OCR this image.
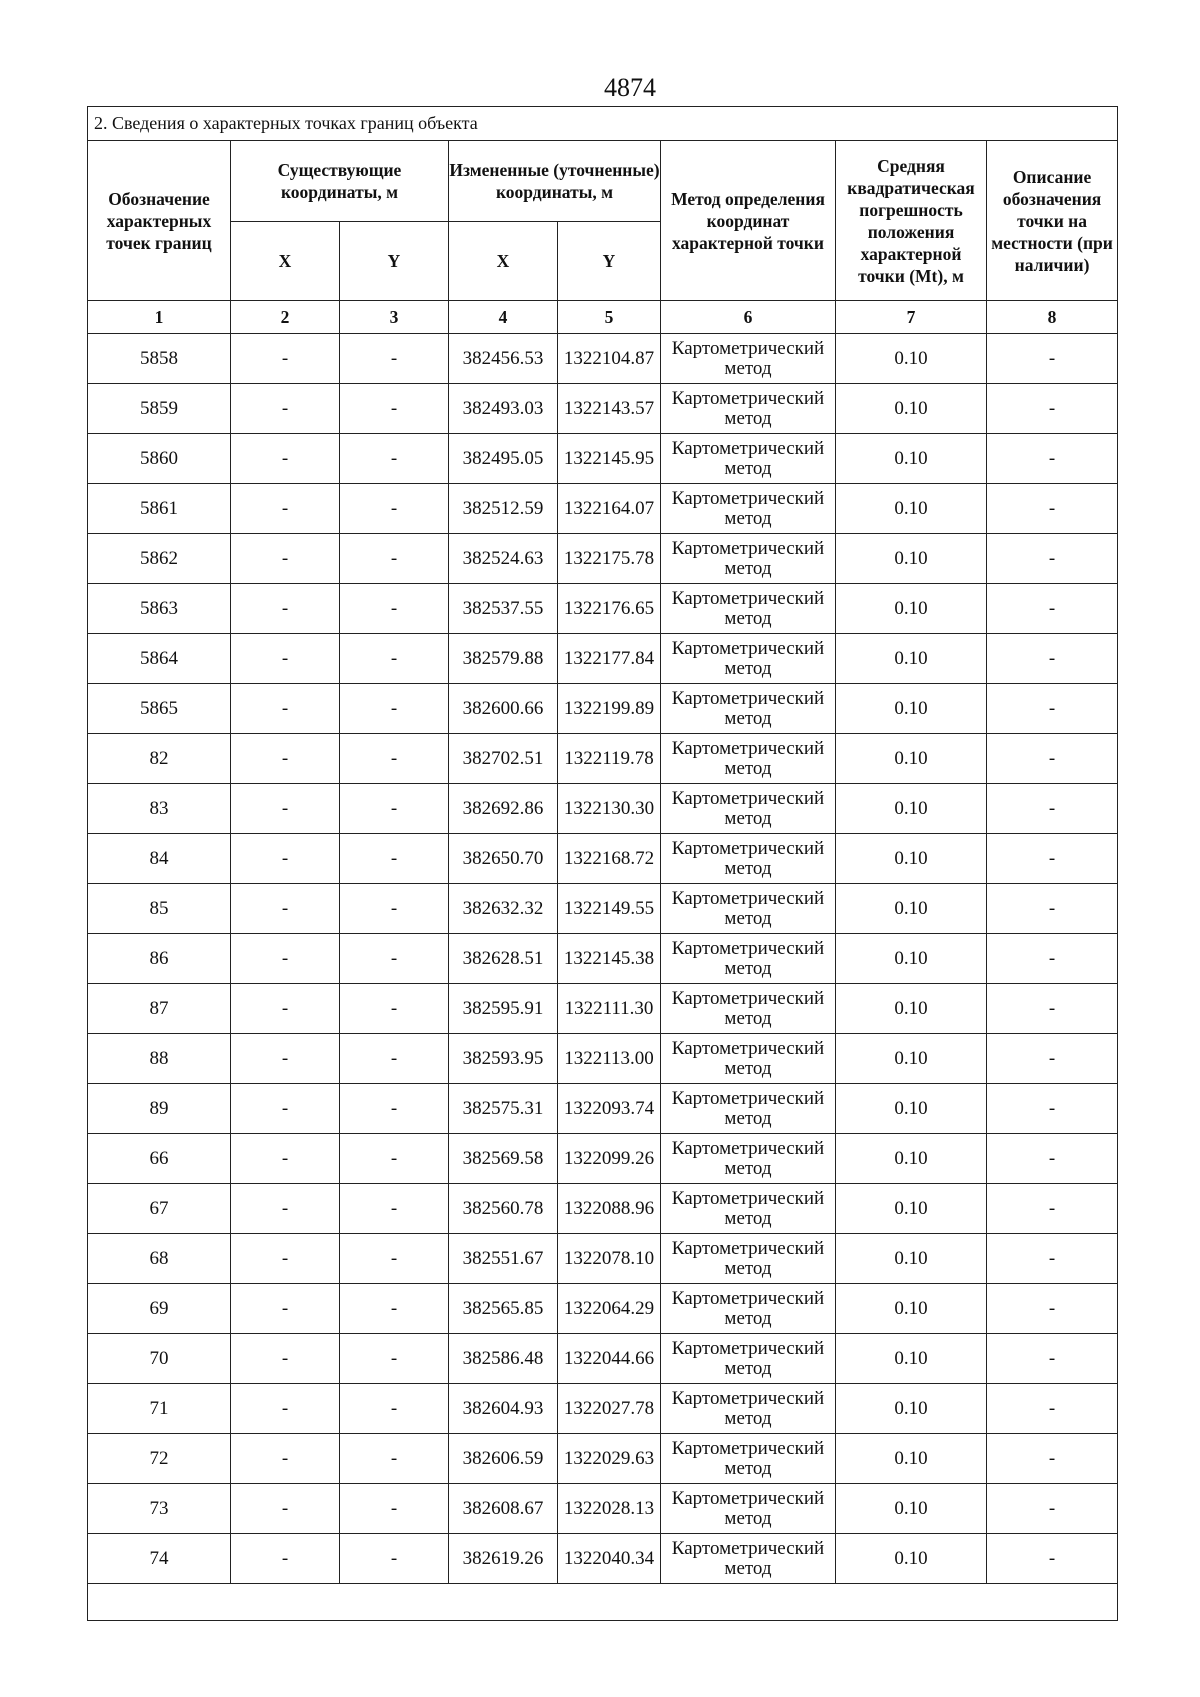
4874
2. Сведения о характерных точках границ объекта							
Обозначение характерных точек границ	Существующие координаты, м		Измененные (уточненные) координаты, м		Метод определения координат характерной точки	Средняя квадратическая погрешность положения характерной точки (Mt), м	Описание обозначения точки на местности (при наличии)
	X	Y	X	Y			
1	2	3	4	5	6	7	8
5858	-	-	382456.53	1322104.87	Картометрический метод	0.10	-
5859	-	-	382493.03	1322143.57	Картометрический метод	0.10	-
5860	-	-	382495.05	1322145.95	Картометрический метод	0.10	-
5861	-	-	382512.59	1322164.07	Картометрический метод	0.10	-
5862	-	-	382524.63	1322175.78	Картометрический метод	0.10	-
5863	-	-	382537.55	1322176.65	Картометрический метод	0.10	-
5864	-	-	382579.88	1322177.84	Картометрический метод	0.10	-
5865	-	-	382600.66	1322199.89	Картометрический метод	0.10	-
82	-	-	382702.51	1322119.78	Картометрический метод	0.10	-
83	-	-	382692.86	1322130.30	Картометрический метод	0.10	-
84	-	-	382650.70	1322168.72	Картометрический метод	0.10	-
85	-	-	382632.32	1322149.55	Картометрический метод	0.10	-
86	-	-	382628.51	1322145.38	Картометрический метод	0.10	-
87	-	-	382595.91	1322111.30	Картометрический метод	0.10	-
88	-	-	382593.95	1322113.00	Картометрический метод	0.10	-
89	-	-	382575.31	1322093.74	Картометрический метод	0.10	-
66	-	-	382569.58	1322099.26	Картометрический метод	0.10	-
67	-	-	382560.78	1322088.96	Картометрический метод	0.10	-
68	-	-	382551.67	1322078.10	Картометрический метод	0.10	-
69	-	-	382565.85	1322064.29	Картометрический метод	0.10	-
70	-	-	382586.48	1322044.66	Картометрический метод	0.10	-
71	-	-	382604.93	1322027.78	Картометрический метод	0.10	-
72	-	-	382606.59	1322029.63	Картометрический метод	0.10	-
73	-	-	382608.67	1322028.13	Картометрический метод	0.10	-
74	-	-	382619.26	1322040.34	Картометрический метод	0.10	-
